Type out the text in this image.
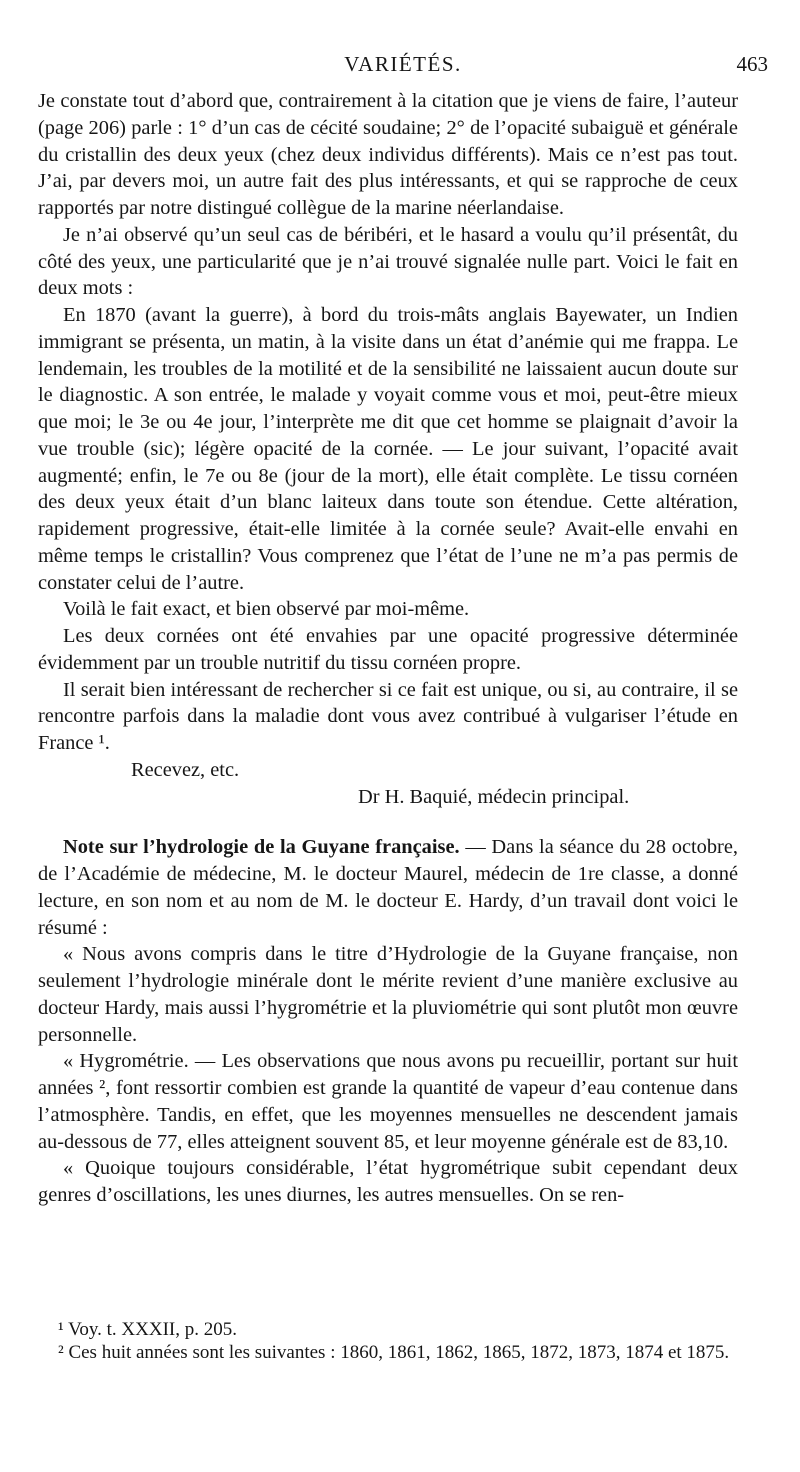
VARIÉTÉS.	463

Je constate tout d’abord que, contrairement à la citation que je viens de faire, l’auteur (page 206) parle : 1° d’un cas de cécité soudaine; 2° de l’opacité subaiguë et générale du cristallin des deux yeux (chez deux individus différents). Mais ce n’est pas tout. J’ai, par devers moi, un autre fait des plus intéressants, et qui se rapproche de ceux rapportés par notre distingué collègue de la marine néerlandaise.

Je n’ai observé qu’un seul cas de béribéri, et le hasard a voulu qu’il présentât, du côté des yeux, une particularité que je n’ai trouvé signalée nulle part. Voici le fait en deux mots :

En 1870 (avant la guerre), à bord du trois-mâts anglais Bayewater, un Indien immigrant se présenta, un matin, à la visite dans un état d’anémie qui me frappa. Le lendemain, les troubles de la motilité et de la sensibilité ne laissaient aucun doute sur le diagnostic. A son entrée, le malade y voyait comme vous et moi, peut-être mieux que moi; le 3e ou 4e jour, l’interprète me dit que cet homme se plaignait d’avoir la vue trouble (sic); légère opacité de la cornée. — Le jour suivant, l’opacité avait augmenté; enfin, le 7e ou 8e (jour de la mort), elle était complète. Le tissu cornéen des deux yeux était d’un blanc laiteux dans toute son étendue. Cette altération, rapidement progressive, était-elle limitée à la cornée seule? Avait-elle envahi en même temps le cristallin? Vous comprenez que l’état de l’une ne m’a pas permis de constater celui de l’autre.

Voilà le fait exact, et bien observé par moi-même.

Les deux cornées ont été envahies par une opacité progressive déterminée évidemment par un trouble nutritif du tissu cornéen propre.

Il serait bien intéressant de rechercher si ce fait est unique, ou si, au contraire, il se rencontre parfois dans la maladie dont vous avez contribué à vulgariser l’étude en France ¹.

Recevez, etc.

Dr H. Baquié, médecin principal.

Note sur l’hydrologie de la Guyane française. — Dans la séance du 28 octobre, de l’Académie de médecine, M. le docteur Maurel, médecin de 1re classe, a donné lecture, en son nom et au nom de M. le docteur E. Hardy, d’un travail dont voici le résumé :

« Nous avons compris dans le titre d’Hydrologie de la Guyane française, non seulement l’hydrologie minérale dont le mérite revient d’une manière exclusive au docteur Hardy, mais aussi l’hygrométrie et la pluviométrie qui sont plutôt mon œuvre personnelle.

« Hygrométrie. — Les observations que nous avons pu recueillir, portant sur huit années ², font ressortir combien est grande la quantité de vapeur d’eau contenue dans l’atmosphère. Tandis, en effet, que les moyennes mensuelles ne descendent jamais au-dessous de 77, elles atteignent souvent 85, et leur moyenne générale est de 83,10.

« Quoique toujours considérable, l’état hygrométrique subit cependant deux genres d’oscillations, les unes diurnes, les autres mensuelles. On se ren-

¹ Voy. t. XXXII, p. 205.

² Ces huit années sont les suivantes : 1860, 1861, 1862, 1865, 1872, 1873, 1874 et 1875.
